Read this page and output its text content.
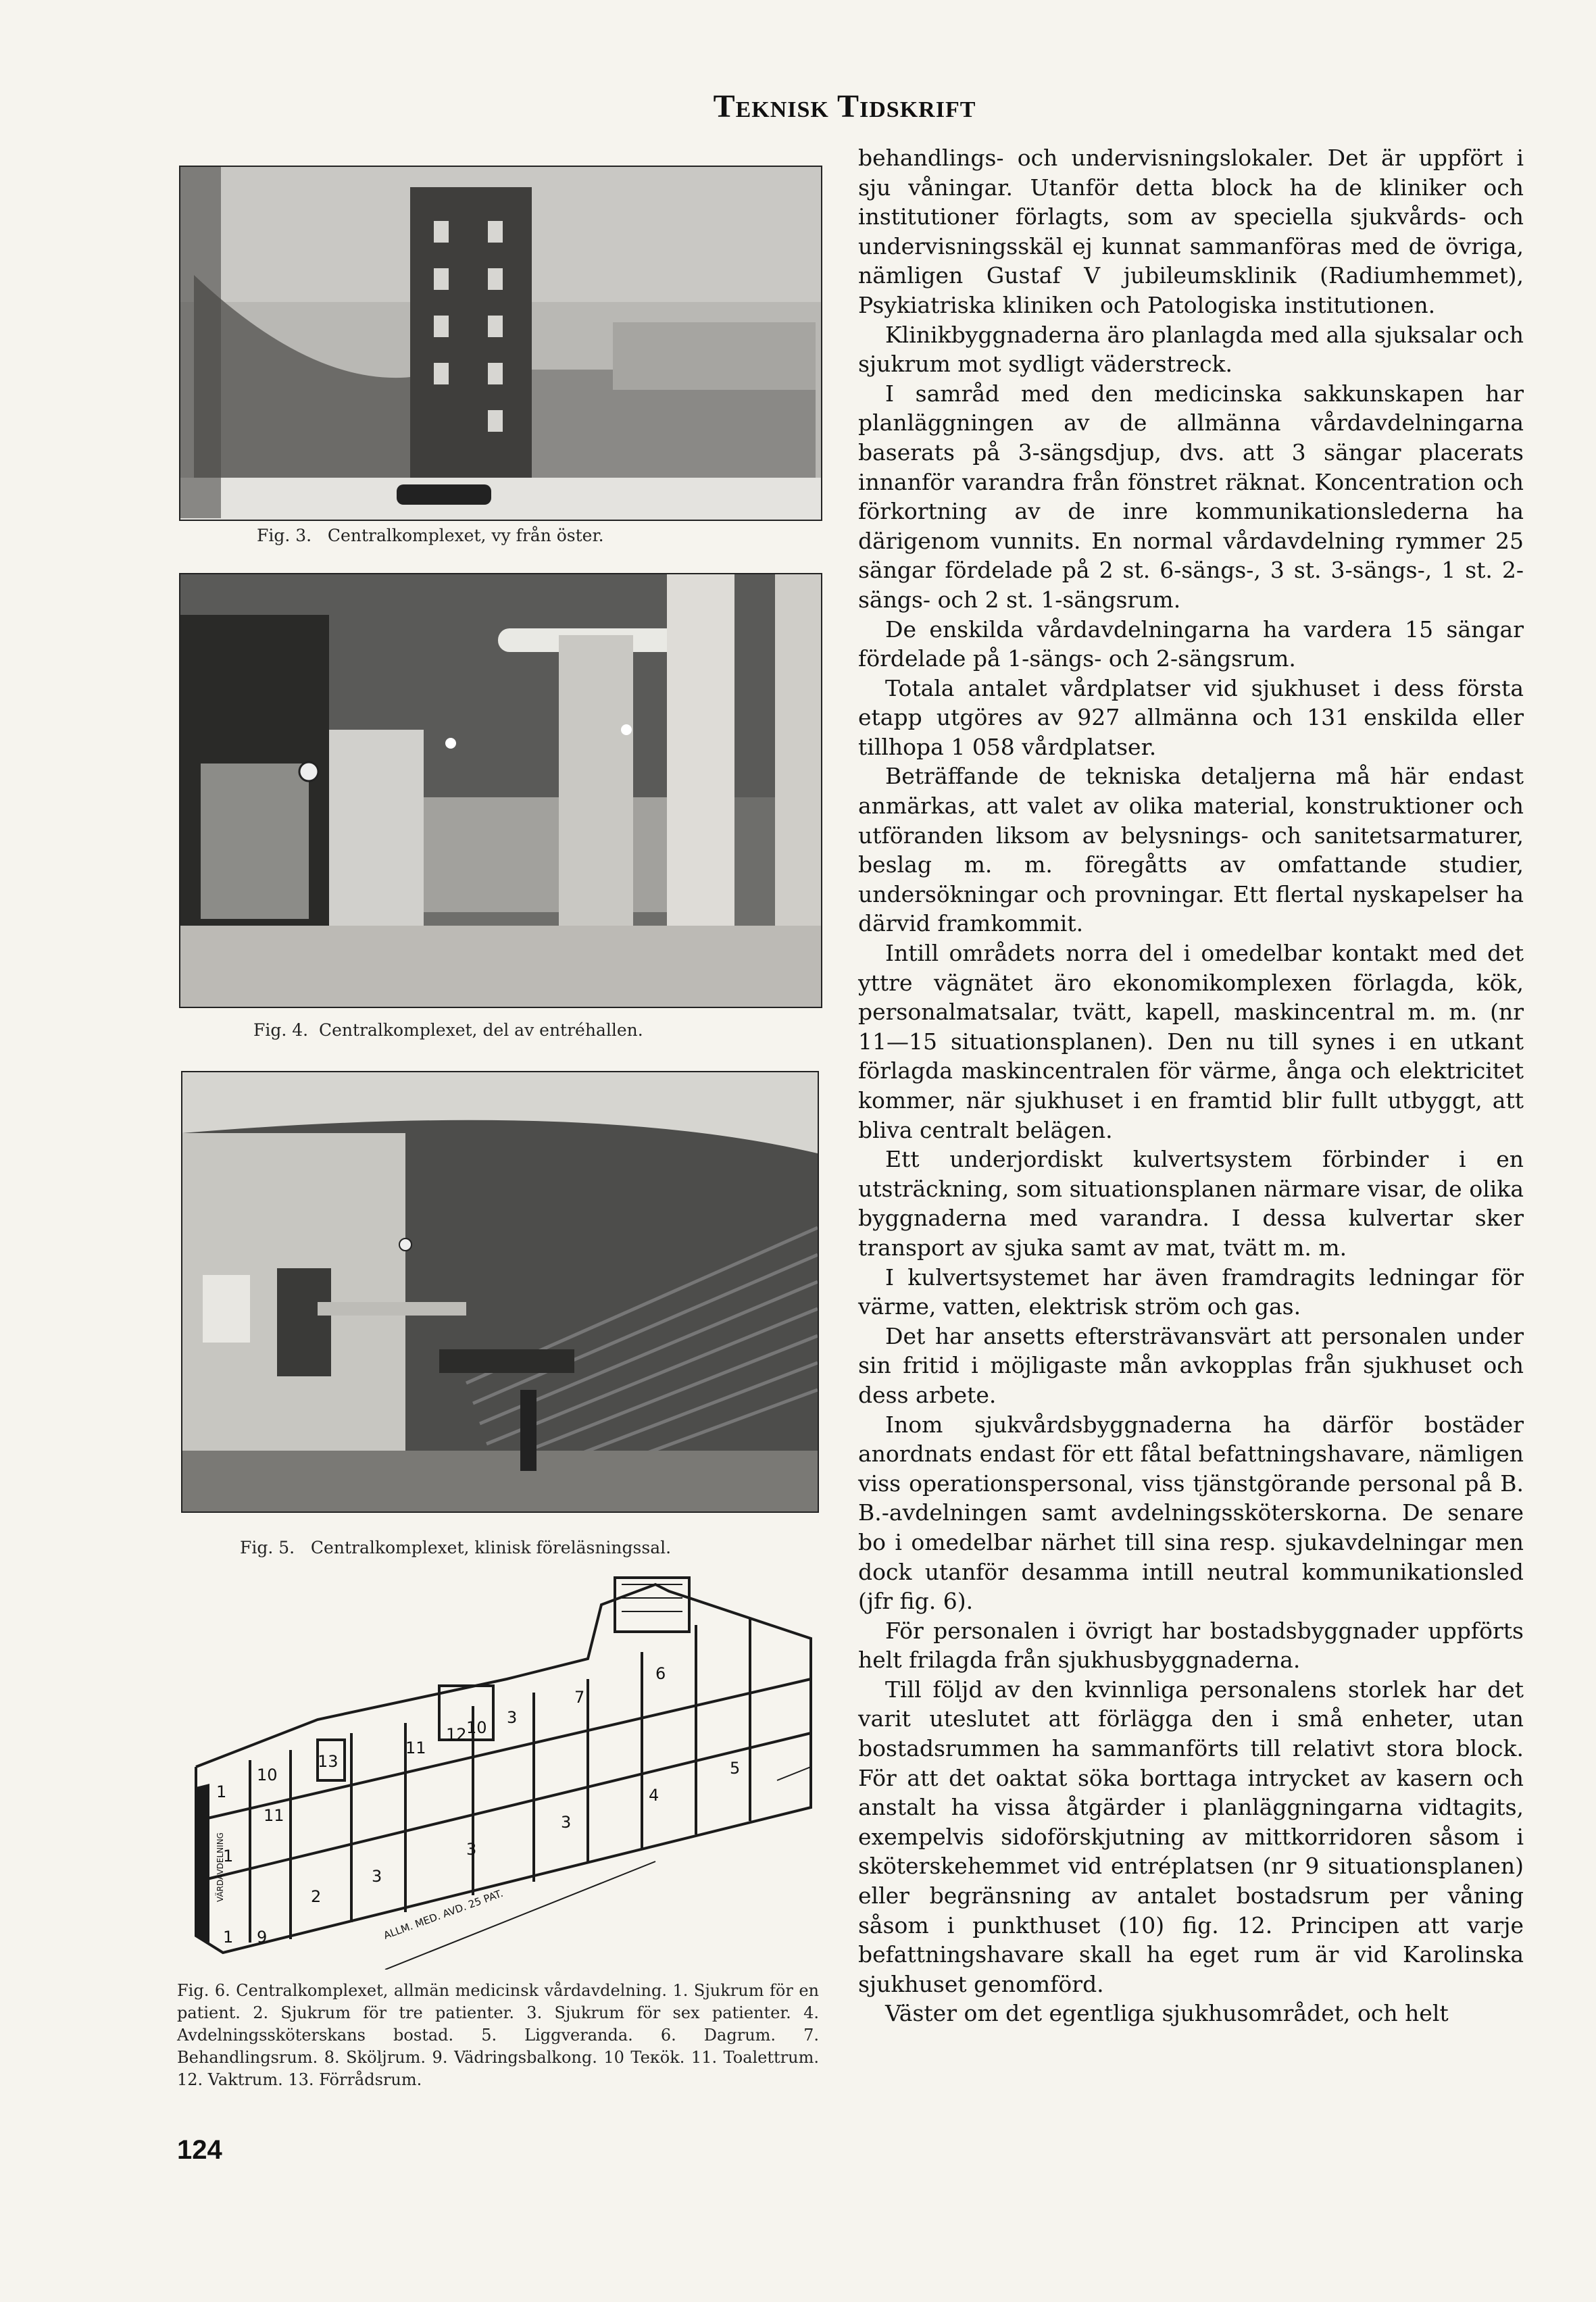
Teknisk Tidskrift
Fig. 3.   Centralkomplexet, vy från öster.
Fig. 4.  Centralkomplexet, del av entréhallen.
Fig. 5.   Centralkomplexet, klinisk föreläsningssal.
1
10
11
13
11
12 10
3
7
6
1
2
3
3
3
4
5
9
1	ALLM. MED. AVD. 25 PAT.
VÄRDAVDELNING
Fig. 6. Centralkomplexet, allmän medicinsk vårdavdelning. 1. Sjukrum för en patient. 2. Sjukrum för tre patienter. 3. Sjukrum för sex patienter. 4. Avdelningssköterskans bostad. 5. Liggveranda. 6. Dagrum. 7. Behandlingsrum. 8. Sköljrum. 9. Vädringsbalkong. 10 Teкök. 11. Toalettrum. 12. Vaktrum. 13. Förrådsrum.

behandlings- och undervisningslokaler. Det är uppfört i sju våningar. Utanför detta block ha de kliniker och institutioner förlagts, som av speciella sjukvårds- och undervisningsskäl ej kunnat sammanföras med de övriga, nämligen Gustaf V jubileumsklinik (Radiumhemmet), Psykiatriska kliniken och Patologiska institutionen.

Klinikbyggnaderna äro planlagda med alla sjuksalar och sjukrum mot sydligt väderstreck.

I samråd med den medicinska sakkunskapen har planläggningen av de allmänna vårdavdelningarna baserats på 3-sängsdjup, dvs. att 3 sängar placerats innanför varandra från fönstret räknat. Koncentration och förkortning av de inre kommunikationslederna ha därigenom vunnits. En normal vårdavdelning rymmer 25 sängar fördelade på 2 st. 6-sängs-, 3 st. 3-sängs-, 1 st. 2-sängs- och 2 st. 1-sängsrum.

De enskilda vårdavdelningarna ha vardera 15 sängar fördelade på 1-sängs- och 2-sängsrum.

Totala antalet vårdplatser vid sjukhuset i dess första etapp utgöres av 927 allmänna och 131 enskilda eller tillhopa 1 058 vårdplatser.

Beträffande de tekniska detaljerna må här endast anmärkas, att valet av olika material, konstruktioner och utföranden liksom av belysnings- och sanitetsarmaturer, beslag m. m. föregåtts av omfattande studier, undersökningar och provningar. Ett flertal nyskapelser ha därvid framkommit.

Intill områdets norra del i omedelbar kontakt med det yttre vägnätet äro ekonomikomplexen förlagda, kök, personalmatsalar, tvätt, kapell, maskincentral m. m. (nr 11—15 situationsplanen). Den nu till synes i en utkant förlagda maskincentralen för värme, ånga och elektricitet kommer, när sjukhuset i en framtid blir fullt utbyggt, att bliva centralt belägen.

Ett underjordiskt kulvertsystem förbinder i en utsträckning, som situationsplanen närmare visar, de olika byggnaderna med varandra. I dessa kulvertar sker transport av sjuka samt av mat, tvätt m. m.

I kulvertsystemet har även framdragits ledningar för värme, vatten, elektrisk ström och gas.

Det har ansetts eftersträvansvärt att personalen under sin fritid i möjligaste mån avkopplas från sjukhuset och dess arbete.

Inom sjukvårdsbyggnaderna ha därför bostäder anordnats endast för ett fåtal befattningshavare, nämligen viss operationspersonal, viss tjänstgörande personal på B. B.-avdelningen samt avdelningssköterskorna. De senare bo i omedelbar närhet till sina resp. sjukavdelningar men dock utanför desamma intill neutral kommunikationsled (jfr fig. 6).

För personalen i övrigt har bostadsbyggnader uppförts helt frilagda från sjukhusbyggnaderna.

Till följd av den kvinnliga personalens storlek har det varit uteslutet att förlägga den i små enheter, utan bostadsrummen ha sammanförts till relativt stora block. För att det oaktat söka borttaga intrycket av kasern och anstalt ha vissa åtgärder i planläggningarna vidtagits, exempelvis sidoförskjutning av mittkorridoren såsom i sköterskehemmet vid entréplatsen (nr 9 situationsplanen) eller begränsning av antalet bostadsrum per våning såsom i punkthuset (10) fig. 12. Principen att varje befattningshavare skall ha eget rum är vid Karolinska sjukhuset genomförd.

Väster om det egentliga sjukhusområdet, och helt

124
